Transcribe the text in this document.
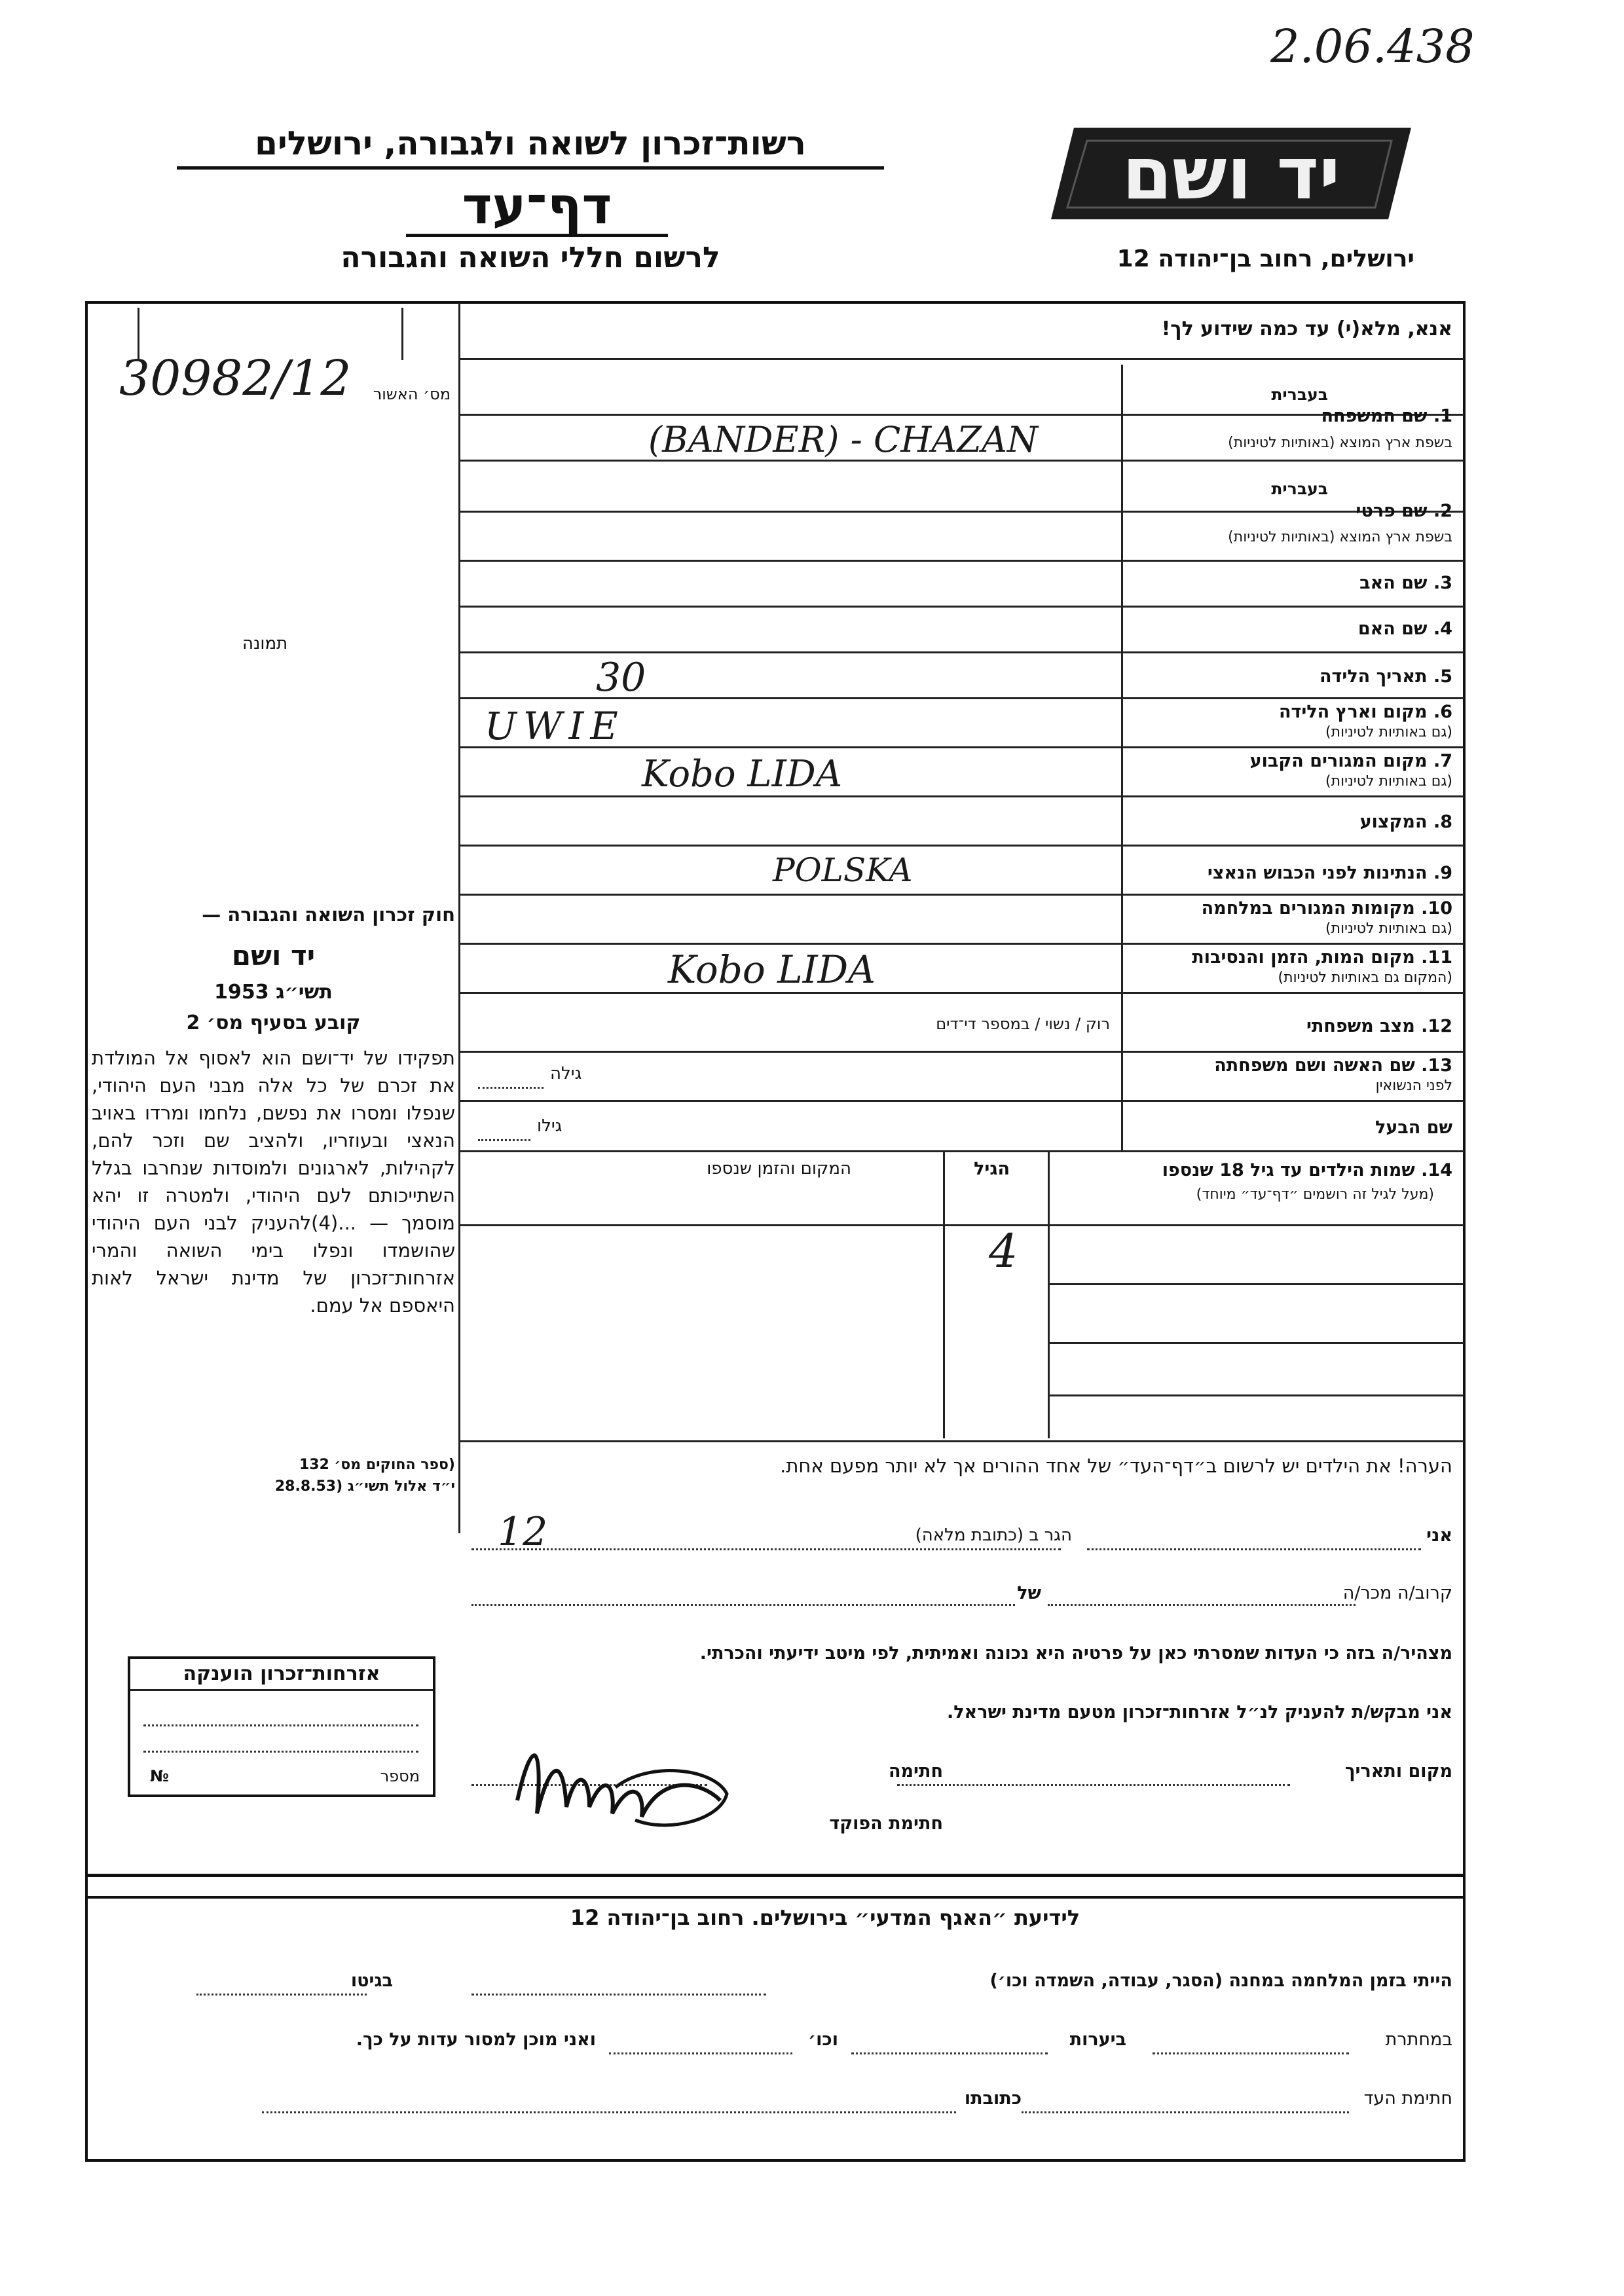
2.06.438
רשות־זכרון לשואה ולגבורה, ירושלים
דף־עד
לרשום חללי השואה והגבורה
יד ושם
ירושלים, רחוב בן־יהודה 12
אנא, מלא(י) עד כמה שידוע לך!
30982/12 מס׳ האשור
תמונה
1. שם המשפחה
בעברית
בשפת ארץ המוצא (באותיות לטיניות)
(BANDER) - CHAZAN
2. שם פרטי
בעברית
בשפת ארץ המוצא (באותיות לטיניות)
3. שם האב
4. שם האם
5. תאריך הלידה
30
6. מקום וארץ הלידה
(גם באותיות לטיניות)
UWIE
7. מקום המגורים הקבוע
(גם באותיות לטיניות)
Kobo LIDA
8. המקצוע
9. הנתינות לפני הכבוש הנאצי
POLSKA
10. מקומות המגורים במלחמה
(גם באותיות לטיניות)
11. מקום המות, הזמן והנסיבות
(המקום גם באותיות לטיניות)
Kobo LIDA
12. מצב משפחתי
רוק / נשוי / במספר די־דים
13. שם האשה ושם משפחתה
לפני הנשואין
גילה
שם הבעל
גילו
14. שמות הילדים עד גיל 18 שנספו
(מעל לגיל זה רושמים ״דף־עד״ מיוחד)
הגיל
המקום והזמן שנספו
4
הערה! את הילדים יש לרשום ב״דף־העד״ של אחד ההורים אך לא יותר מפעם אחת.
אני
הגר ב (כתובת מלאה)
12
קרוב/ה מכר/ה
של
מצהיר/ה בזה כי העדות שמסרתי כאן על פרטיה היא נכונה ואמיתית, לפי מיטב ידיעתי והכרתי.
אני מבקש/ת להעניק לנ״ל אזרחות־זכרון מטעם מדינת ישראל.
מקום ותאריך
חתימה
חתימת הפוקד
חוק זכרון השואה והגבורה —
יד ושם
תשי״ג 1953
קובע בסעיף מס׳ 2
תפקידו של יד־ושם הוא לאסוף אל המולדת את זכרם של כל אלה מבני העם היהודי, שנפלו ומסרו את נפשם, נלחמו ומרדו באויב הנאצי ובעוזריו, ולהציב שם וזכר להם, לקהילות, לארגונים ולמוסדות שנחרבו בגלל השתייכותם לעם היהודי, ולמטרה זו יהא מוסמך — ...(4)להעניק לבני העם היהודי שהושמדו ונפלו בימי השואה והמרי אזרחות־זכרון של מדינת ישראל לאות היאספם אל עמם.
(ספר החוקים מס׳ 132
י״ד אלול תשי״ג (28.8.53
אזרחות־זכרון הוענקה
מספר
№
לידיעת ״האגף המדעי״ בירושלים. רחוב בן־יהודה 12
הייתי בזמן המלחמה במחנה (הסגר, עבודה, השמדה וכו׳)
בגיטו
במחתרת
ביערות
וכו׳
ואני מוכן למסור עדות על כך.
חתימת העד
כתובתו
